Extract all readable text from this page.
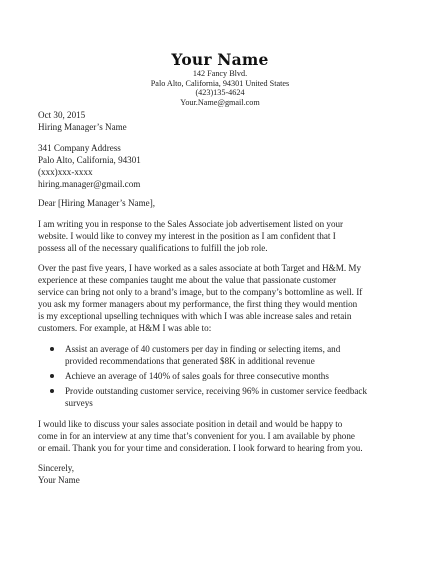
Your Name
142 Fancy Blvd.
Palo Alto, California, 94301 United States
(423)135-4624
Your.Name@gmail.com
Oct 30, 2015
Hiring Manager’s Name
341 Company Address
Palo Alto, California, 94301
(xxx)xxx-xxxx
hiring.manager@gmail.com
Dear [Hiring Manager’s Name],
I am writing you in response to the Sales Associate job advertisement listed on your
website. I would like to convey my interest in the position as I am confident that I
possess all of the necessary qualifications to fulfill the job role.
Over the past five years, I have worked as a sales associate at both Target and H&M. My
experience at these companies taught me about the value that passionate customer
service can bring not only to a brand’s image, but to the company’s bottomline as well. If
you ask my former managers about my performance, the first thing they would mention
is my exceptional upselling techniques with which I was able increase sales and retain
customers. For example, at H&M I was able to:
Assist an average of 40 customers per day in finding or selecting items, and
provided recommendations that generated $8K in additional revenue
Achieve an average of 140% of sales goals for three consecutive months
Provide outstanding customer service, receiving 96% in customer service feedback
surveys
I would like to discuss your sales associate position in detail and would be happy to
come in for an interview at any time that’s convenient for you. I am available by phone
or email. Thank you for your time and consideration. I look forward to hearing from you.
Sincerely,
Your Name
